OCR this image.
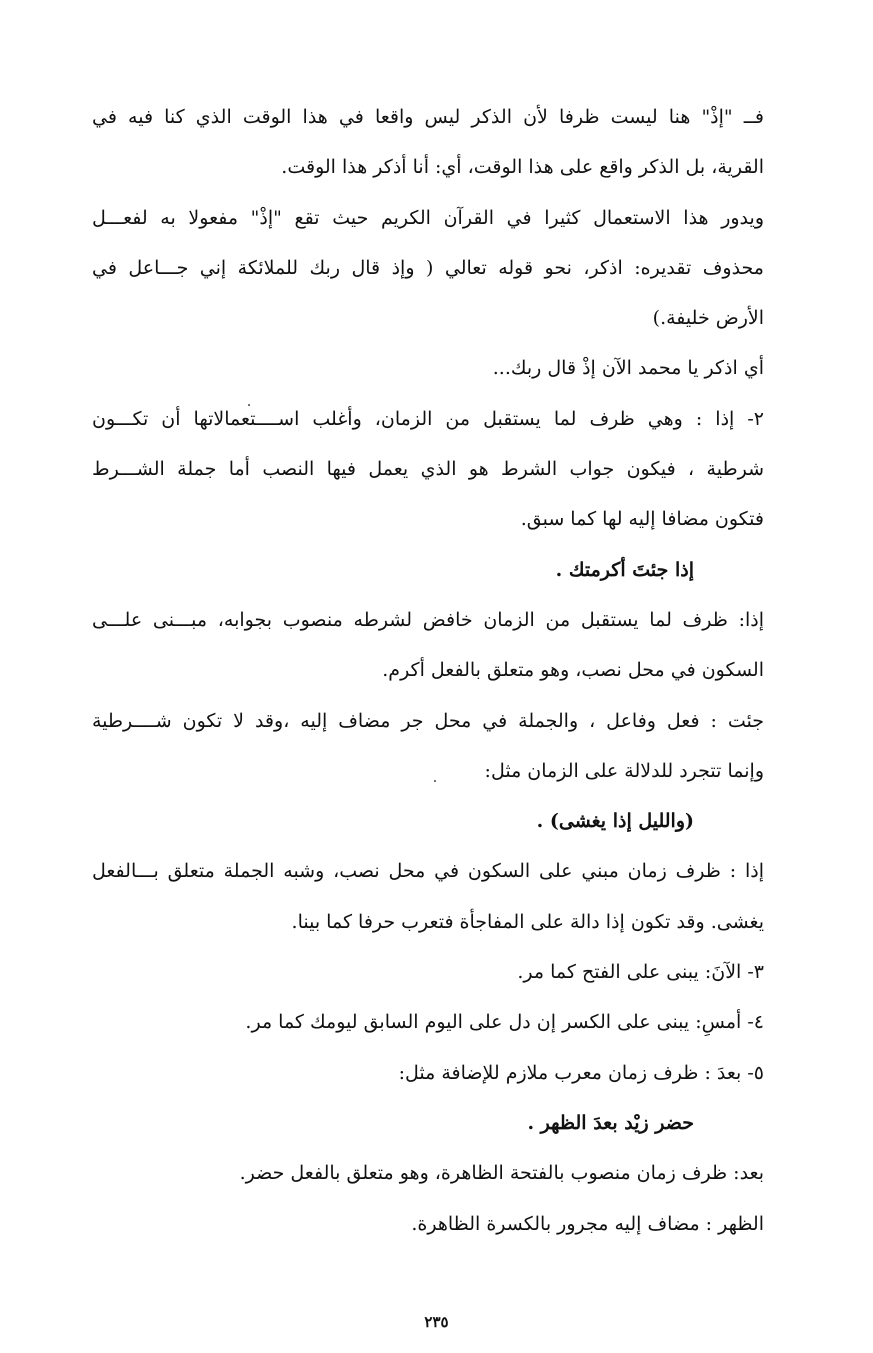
فــ "إذْ" هنا ليست ظرفا لأن الذكر ليس واقعا في هذا الوقت الذي كنا فيه في
القرية، بل الذكر واقع على هذا الوقت، أي: أنا أذكر هذا الوقت.
ويدور هذا الاستعمال كثيرا في القرآن الكريم حيث تقع "إذْ" مفعولا به لفعـــل
محذوف تقديره: اذكر، نحو قوله تعالي ( وإذ قال ربك للملائكة إني جـــاعل في
الأرض خليفة.)
أي اذكر يا محمد الآن إذْ قال ربك...
٢- إذا : وهي ظرف لما يستقبل من الزمان، وأغلب اســــتعمالاتها أن تكـــون
شرطية ، فيكون جواب الشرط هو الذي يعمل فيها النصب أما جملة الشـــرط
فتكون مضافا إليه لها كما سبق.
إذا جئتَ أكرمتك .
إذا: ظرف لما يستقبل من الزمان خافض لشرطه منصوب بجوابه، مبـــنى علـــى
السكون في محل نصب، وهو متعلق بالفعل أكرم.
جئت : فعل وفاعل ، والجملة في محل جر مضاف إليه ،وقد لا تكون شــــرطية
وإنما تتجرد للدلالة على الزمان مثل:
(والليل إذا يغشى) .
إذا : ظرف زمان مبني على السكون في محل نصب، وشبه الجملة متعلق بـــالفعل
يغشى. وقد تكون إذا دالة على المفاجأة فتعرب حرفا كما بينا.
٣- الآنَ: يبنى على الفتح كما مر.
٤- أمسِ: يبنى على الكسر إن دل على اليوم السابق ليومك كما مر.
٥- بعدَ : ظرف زمان معرب ملازم للإضافة مثل:
حضر زيْد بعدَ الظهر .
بعد: ظرف زمان منصوب بالفتحة الظاهرة، وهو متعلق بالفعل حضر.
الظهر : مضاف إليه مجرور بالكسرة الظاهرة.
٢٣٥
